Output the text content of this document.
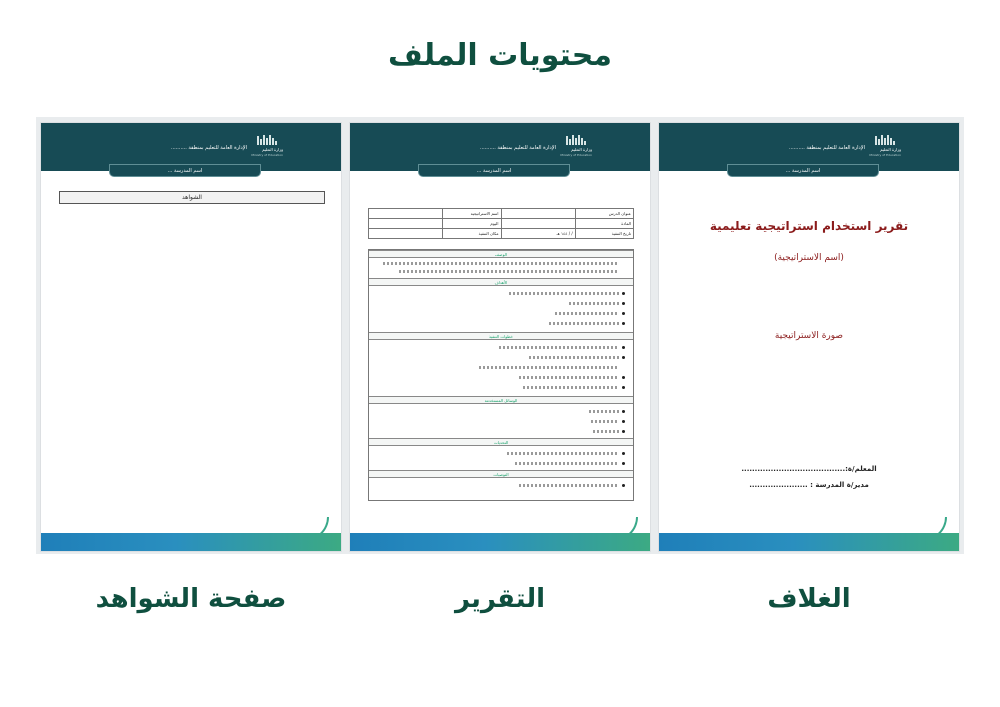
محتويات الملف
الإدارة العامة للتعليم بمنطقة ..........	وزارة التعليم
Ministry of Education
اسم المدرسة ...
الشواهد
الإدارة العامة للتعليم بمنطقة ..........	وزارة التعليم
Ministry of Education
اسم المدرسة ...
عنوان الدرس		اسم الاستراتيجية	
المادة		اليوم	
تاريخ التنفيذ	/ / ١٤٤ هـ	مكان التنفيذ	
الوصف
الأهداف
خطوات التنفيذ
الوسائل المستخدمة
التحديات
التوصيات
الإدارة العامة للتعليم بمنطقة ..........	وزارة التعليم
Ministry of Education
اسم المدرسة ...
تقرير استخدام استراتيجية تعليمية
(اسم الاستراتيجية)
صورة الاستراتيجية
المعلم/ة:.......................................
مدير/ة المدرسة : ......................
صفحة الشواهد	التقرير	الغلاف
